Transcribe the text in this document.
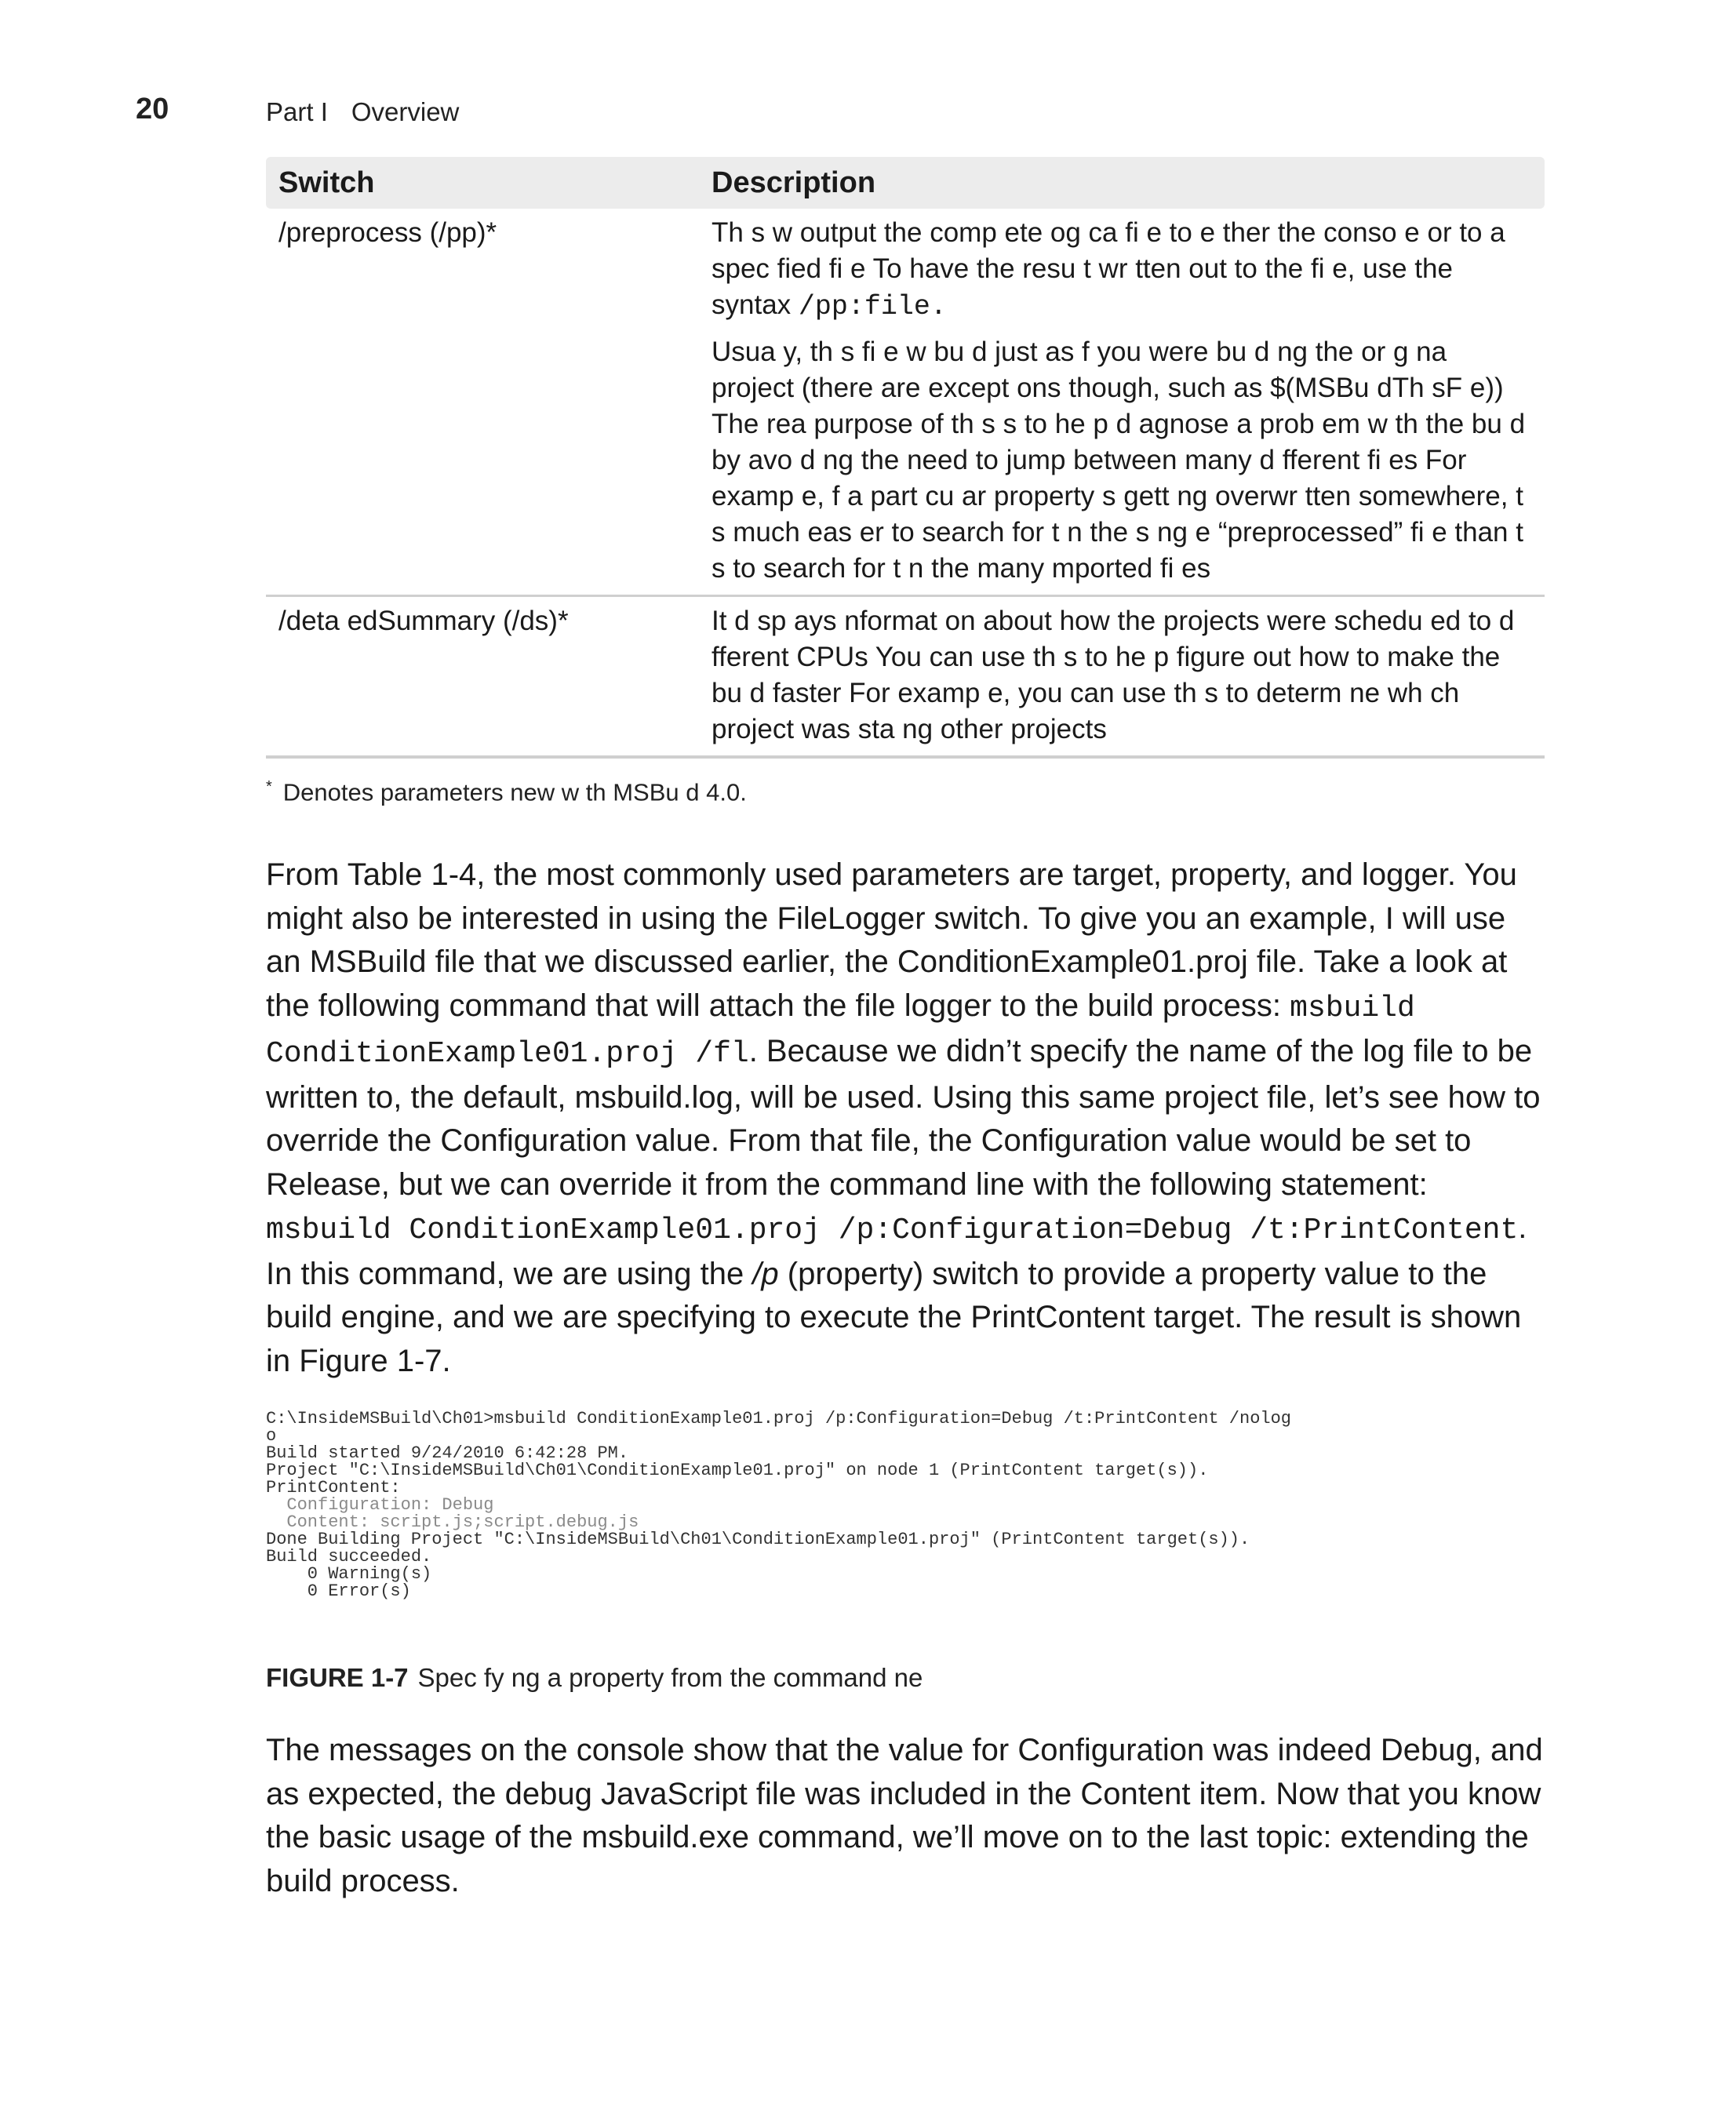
20	Part I Overview
Switch	Description
/preprocess (/pp)*	Th s w output the comp ete og ca fi e to e ther the conso e or to a spec fied fi e To have the resu t wr tten out to the fi e, use the syntax /pp:file.

Usua y, th s fi e w bu d just as f you were bu d ng the or g na project (there are except ons though, such as $(MSBu dTh sF e)) The rea purpose of th s s to he p d agnose a prob em w th the bu d by avo d ng the need to jump between many d fferent fi es For examp e, f a part cu ar property s gett ng overwr tten somewhere, t s much eas er to search for t n the s ng e “preprocessed” fi e than t s to search for t n the many mported fi es

/deta edSummary (/ds)*	It d sp ays nformat on about how the projects were schedu ed to d fferent CPUs You can use th s to he p figure out how to make the bu d faster For examp e, you can use th s to determ ne wh ch project was sta ng other projects

* Denotes parameters new w th MSBu d 4.0.

From Table 1-4, the most commonly used parameters are target, property, and logger. You might also be interested in using the FileLogger switch. To give you an example, I will use an MSBuild file that we discussed earlier, the ConditionExample01.proj file. Take a look at the following command that will attach the file logger to the build process: msbuild ConditionExample01.proj /fl. Because we didn’t specify the name of the log file to be written to, the default, msbuild.log, will be used. Using this same project file, let’s see how to override the Configuration value. From that file, the Configuration value would be set to Release, but we can override it from the command line with the following statement: msbuild ConditionExample01.proj /p:Configuration=Debug /t:PrintContent. In this command, we are using the /p (property) switch to provide a property value to the build engine, and we are specifying to execute the PrintContent target. The result is shown in Figure 1-7.

C:\InsideMSBuild\Ch01>msbuild ConditionExample01.proj /p:Configuration=Debug /t:PrintContent /nolog
o
Build started 9/24/2010 6:42:28 PM.
Project "C:\InsideMSBuild\Ch01\ConditionExample01.proj" on node 1 (PrintContent target(s)).
PrintContent:
Configuration: Debug
Content: script.js;script.debug.js
Done Building Project "C:\InsideMSBuild\Ch01\ConditionExample01.proj" (PrintContent target(s)).
Build succeeded.
0 Warning(s)
0 Error(s)
FIGURE 1-7 Spec fy ng a property from the command ne

The messages on the console show that the value for Configuration was indeed Debug, and as expected, the debug JavaScript file was included in the Content item. Now that you know the basic usage of the msbuild.exe command, we’ll move on to the last topic: extending the build process.
